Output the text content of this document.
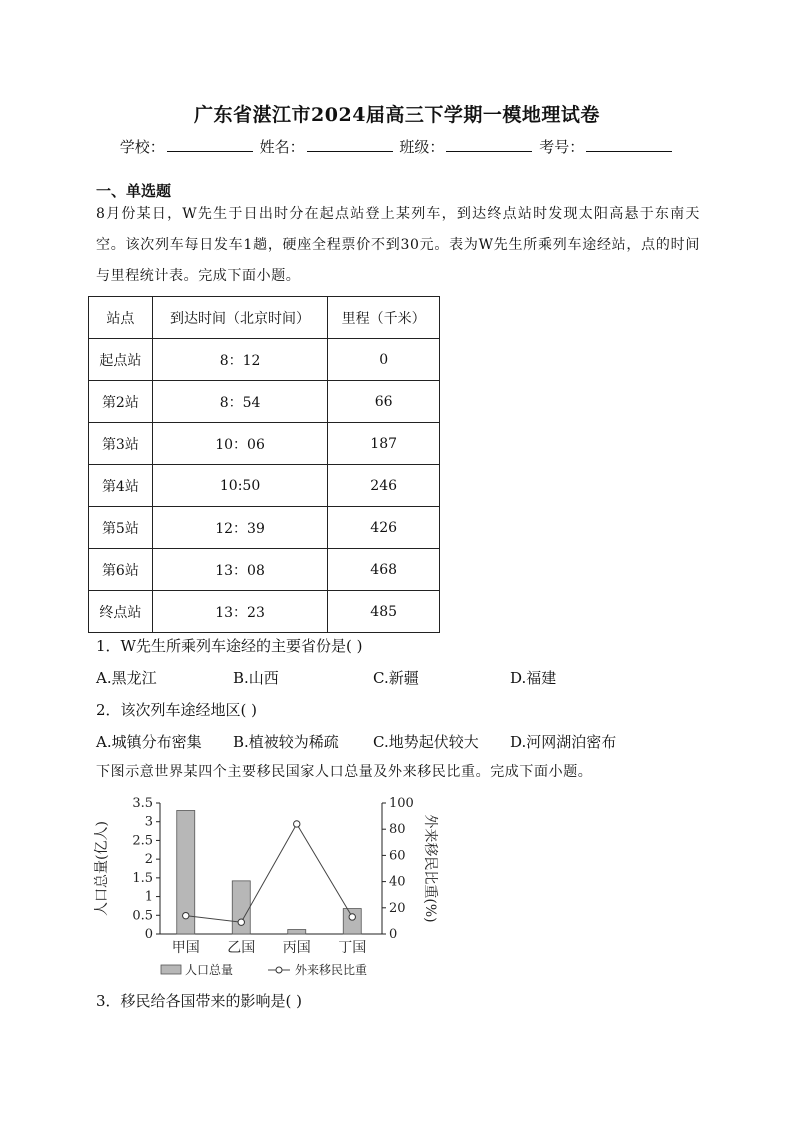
广东省湛江市2024届高三下学期一模地理试卷
学校：	姓名：	班级：	考号：
一、单选题
8月份某日，W先生于日出时分在起点站登上某列车，到达终点站时发现太阳高悬于东南天空。该次列车每日发车1趟，硬座全程票价不到30元。表为W先生所乘列车途经站，点的时间与里程统计表。完成下面小题。
站点	到达时间（北京时间）	里程（千米）
起点站	8：12	0
第2站	8：54	66
第3站	10：06	187
第4站	10:50	246
第5站	12：39	426
第6站	13：08	468
终点站	13：23	485
1．W先生所乘列车途经的主要省份是( )
A.黑龙江	B.山西	C.新疆	D.福建
2．该次列车途经地区( )
A.城镇分布密集 B.植被较为稀疏 C.地势起伏较大 D.河网湖泊密布
下图示意世界某四个主要移民国家人口总量及外来移民比重。完成下面小题。
0
0.5
1
1.5
2
2.5
3
3.5
0
20
40
60
80
100
人口总量(亿人)	外来移民比重(%)
甲国 乙国 丙国 丁国
人口总量	外来移民比重
3．移民给各国带来的影响是( )
